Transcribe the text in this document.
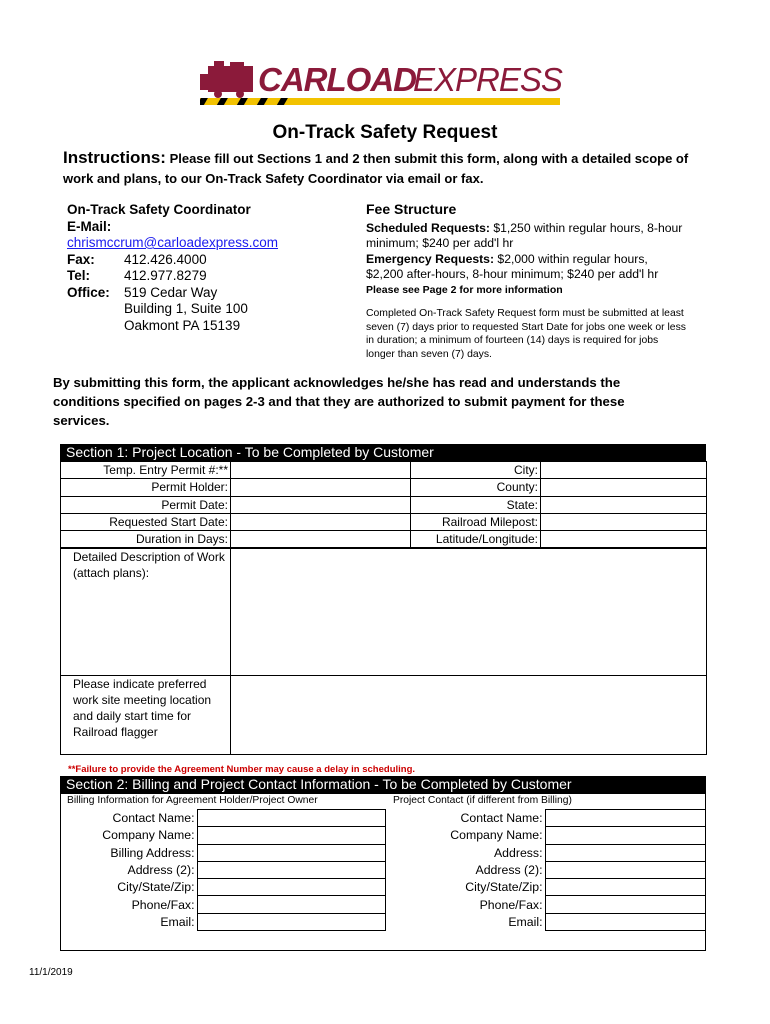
CARLOAD
EXPRESS
On-Track Safety Request
Instructions: Please fill out Sections 1 and 2 then submit this form, along with a detailed scope of work and plans, to our On-Track Safety Coordinator via email or fax.
On-Track Safety Coordinator
E-Mail:
chrismccrum@carloadexpress.com
Fax: 412.426.4000
Tel:	412.977.8279
Office: 519 Cedar Way
Building 1, Suite 100
Oakmont PA 15139
Fee Structure
Scheduled Requests: $1,250 within regular hours, 8-hour minimum; $240 per add'l hr
Emergency Requests: $2,000 within regular hours, $2,200 after-hours, 8-hour minimum; $240 per add'l hr
Please see Page 2 for more information
Completed On-Track Safety Request form must be submitted at least seven (7) days prior to requested Start Date for jobs one week or less in duration; a minimum of fourteen (14) days is required for jobs longer than seven (7) days.
By submitting this form, the applicant acknowledges he/she has read and understands the conditions specified on pages 2-3 and that they are authorized to submit payment for these services.
Section 1: Project Location - To be Completed by Customer
Temp. Entry Permit #:**		City:	
Permit Holder:		County:	
Permit Date:		State:	
Requested Start Date:		Railroad Milepost:	
Duration in Days:		Latitude/Longitude:	
Detailed Description of Work (attach plans):	
Please indicate preferred work site meeting location and daily start time for Railroad flagger	
**Failure to provide the Agreement Number may cause a delay in scheduling.
Section 2: Billing and Project Contact Information - To be Completed by Customer
Billing Information for Agreement Holder/Project Owner	Project Contact (if different from Billing)
Contact Name:		Contact Name:	
Company Name:		Company Name:	
Billing Address:		Address:	
Address (2):		Address (2):	
City/State/Zip:		City/State/Zip:	
Phone/Fax:		Phone/Fax:	
Email:		Email:	
11/1/2019
